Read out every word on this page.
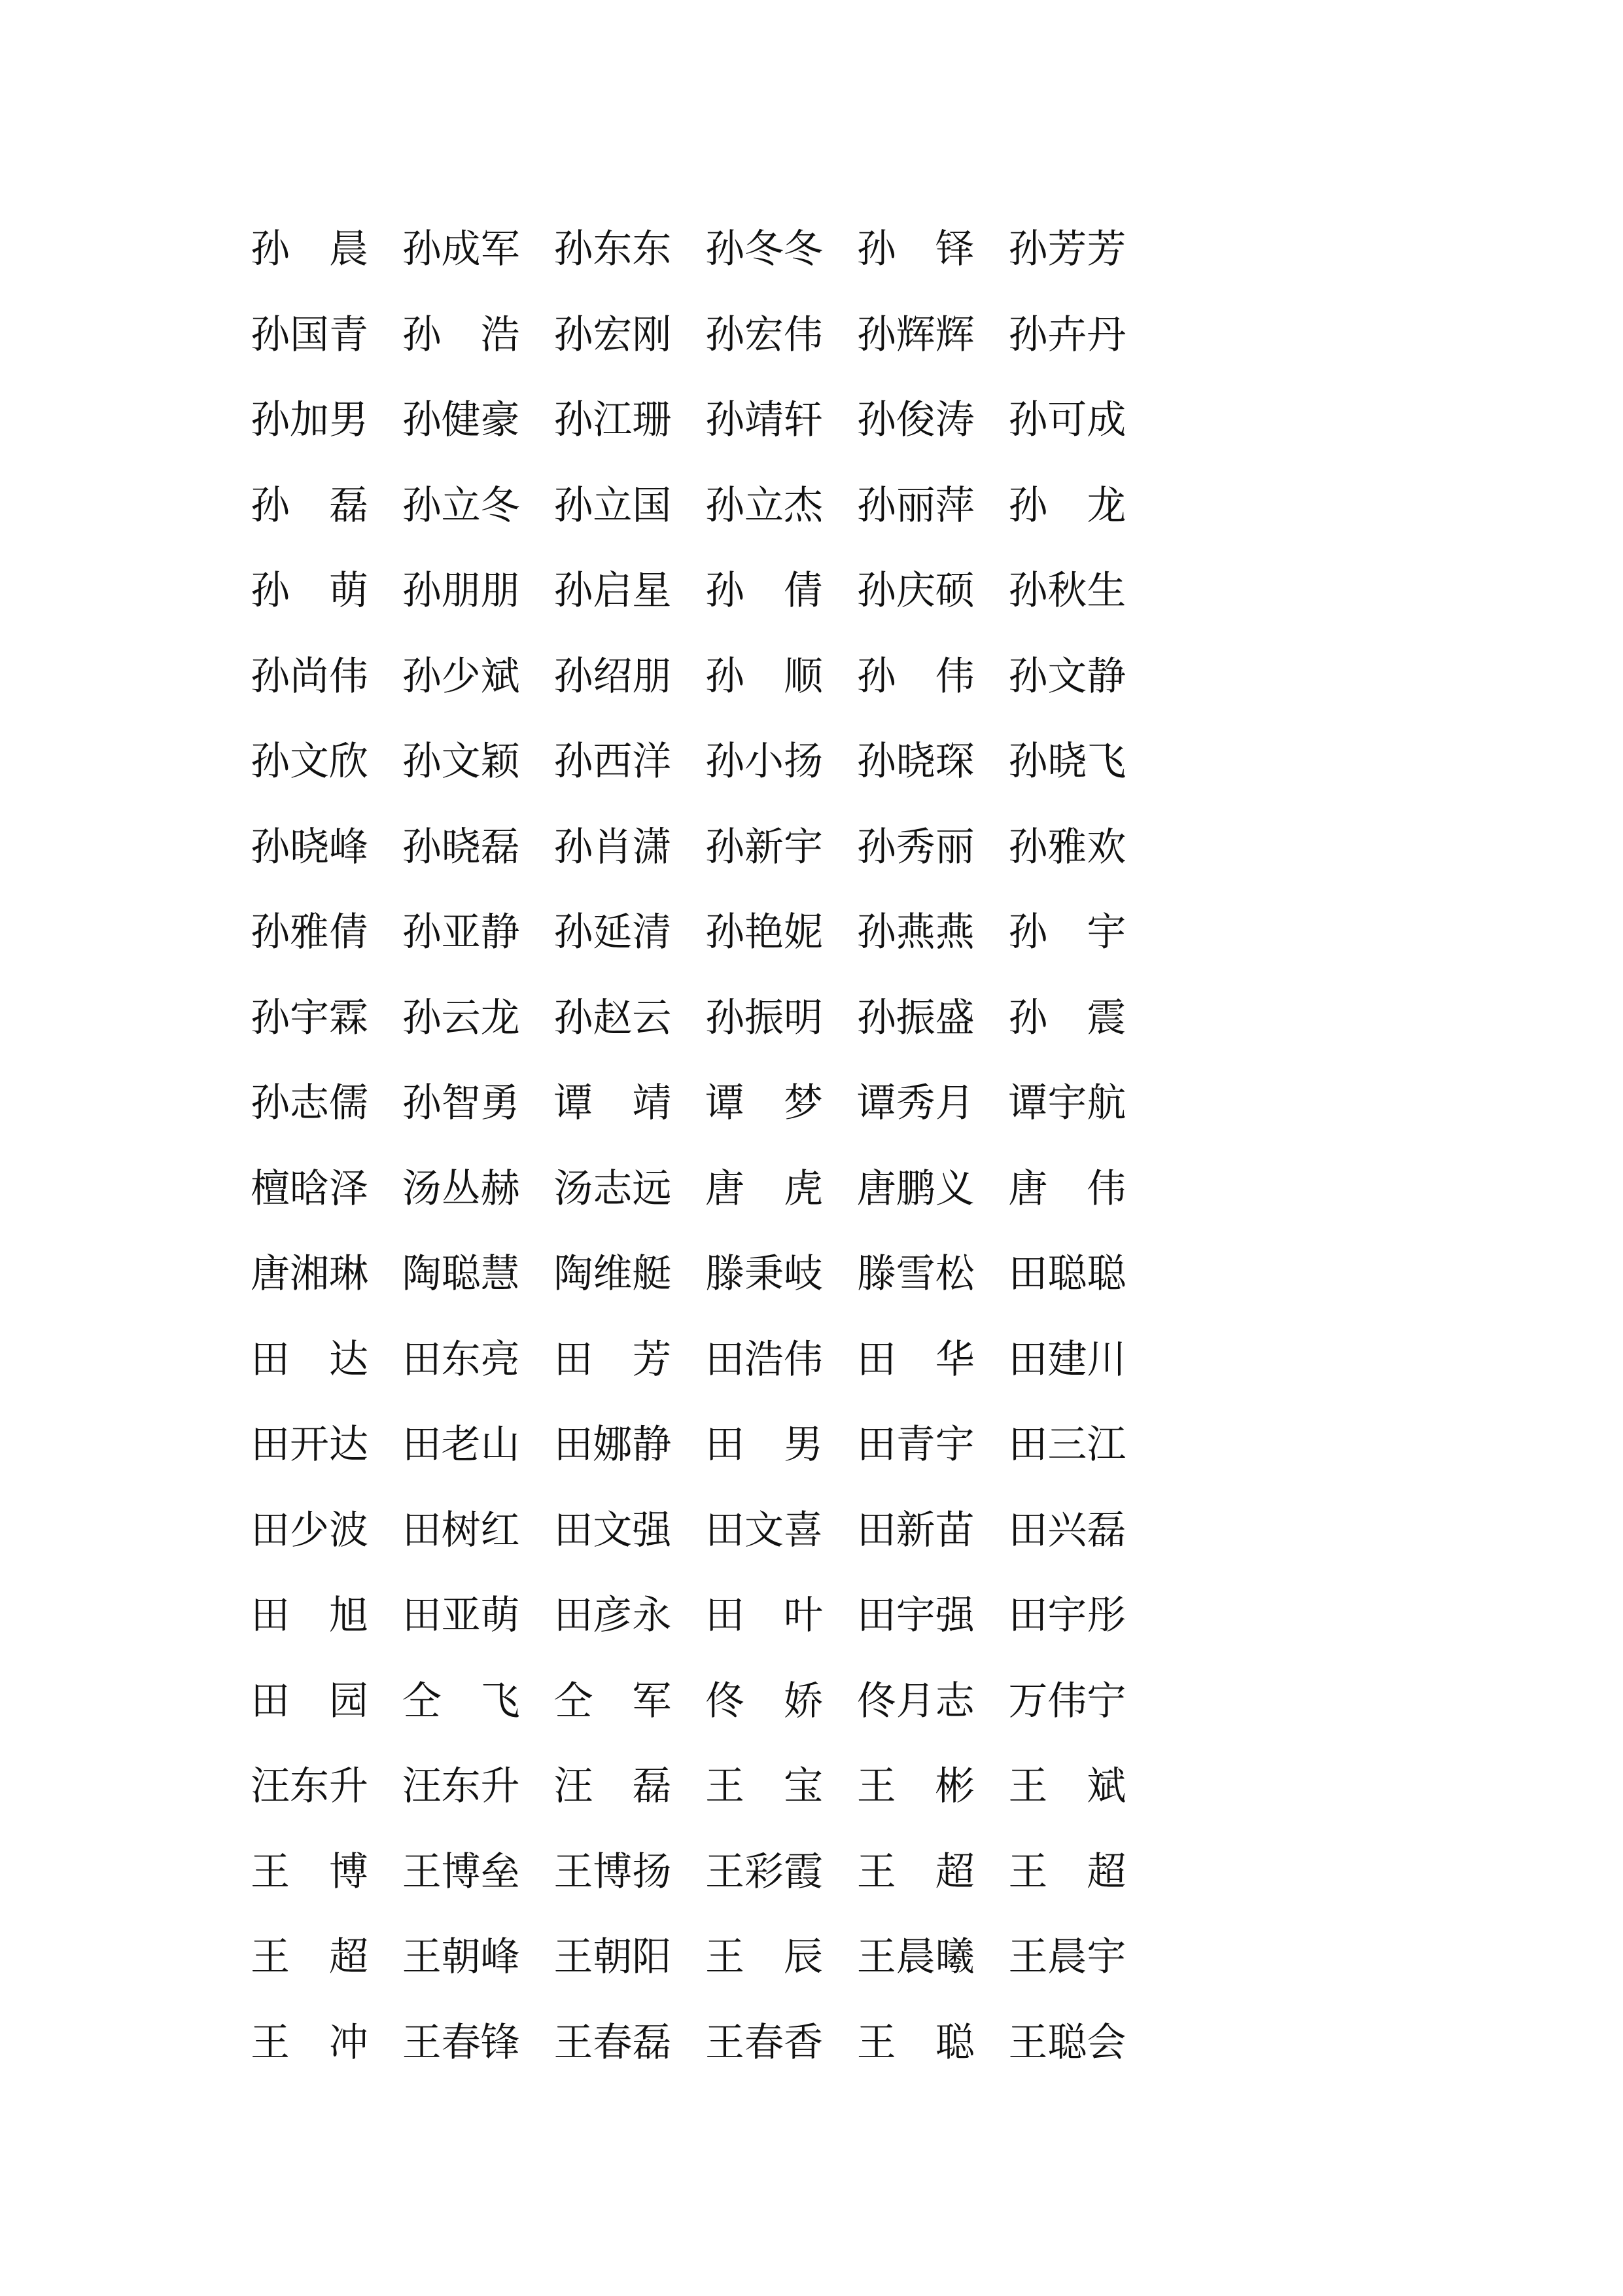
孙 晨 孙成军 孙东东 孙冬冬 孙 铎 孙芳芳
孙国青 孙 浩 孙宏刚 孙宏伟 孙辉辉 孙卉丹
孙加男 孙健豪 孙江珊 孙靖轩 孙俊涛 孙可成
孙 磊 孙立冬 孙立国 孙立杰 孙丽萍 孙 龙
孙 萌 孙朋朋 孙启星 孙 倩 孙庆硕 孙秋生
孙尚伟 孙少斌 孙绍朋 孙 顺 孙 伟 孙文静
孙文欣 孙文颖 孙西洋 孙小扬 孙晓琛 孙晓飞
孙晓峰 孙晓磊 孙肖潇 孙新宇 孙秀丽 孙雅欢
孙雅倩 孙亚静 孙延清 孙艳妮 孙燕燕 孙 宇
孙宇霖 孙云龙 孙赵云 孙振明 孙振盛 孙 震
孙志儒 孙智勇 谭 靖 谭 梦 谭秀月 谭宇航
檀晗泽 汤丛赫 汤志远 唐 虎 唐鹏义 唐 伟
唐湘琳 陶聪慧 陶维艇 滕秉岐 滕雪松 田聪聪
田 达 田东亮 田 芳 田浩伟 田 华 田建川
田开达 田老山 田娜静 田 男 田青宇 田三江
田少波 田树红 田文强 田文喜 田新苗 田兴磊
田 旭 田亚萌 田彦永 田 叶 田宇强 田宇彤
田 园 仝 飞 仝 军 佟 娇 佟月志 万伟宁
汪东升 汪东升 汪 磊 王 宝 王 彬 王 斌
王 博 王博垒 王博扬 王彩霞 王 超 王 超
王 超 王朝峰 王朝阳 王 辰 王晨曦 王晨宇
王 冲 王春锋 王春磊 王春香 王 聪 王聪会
